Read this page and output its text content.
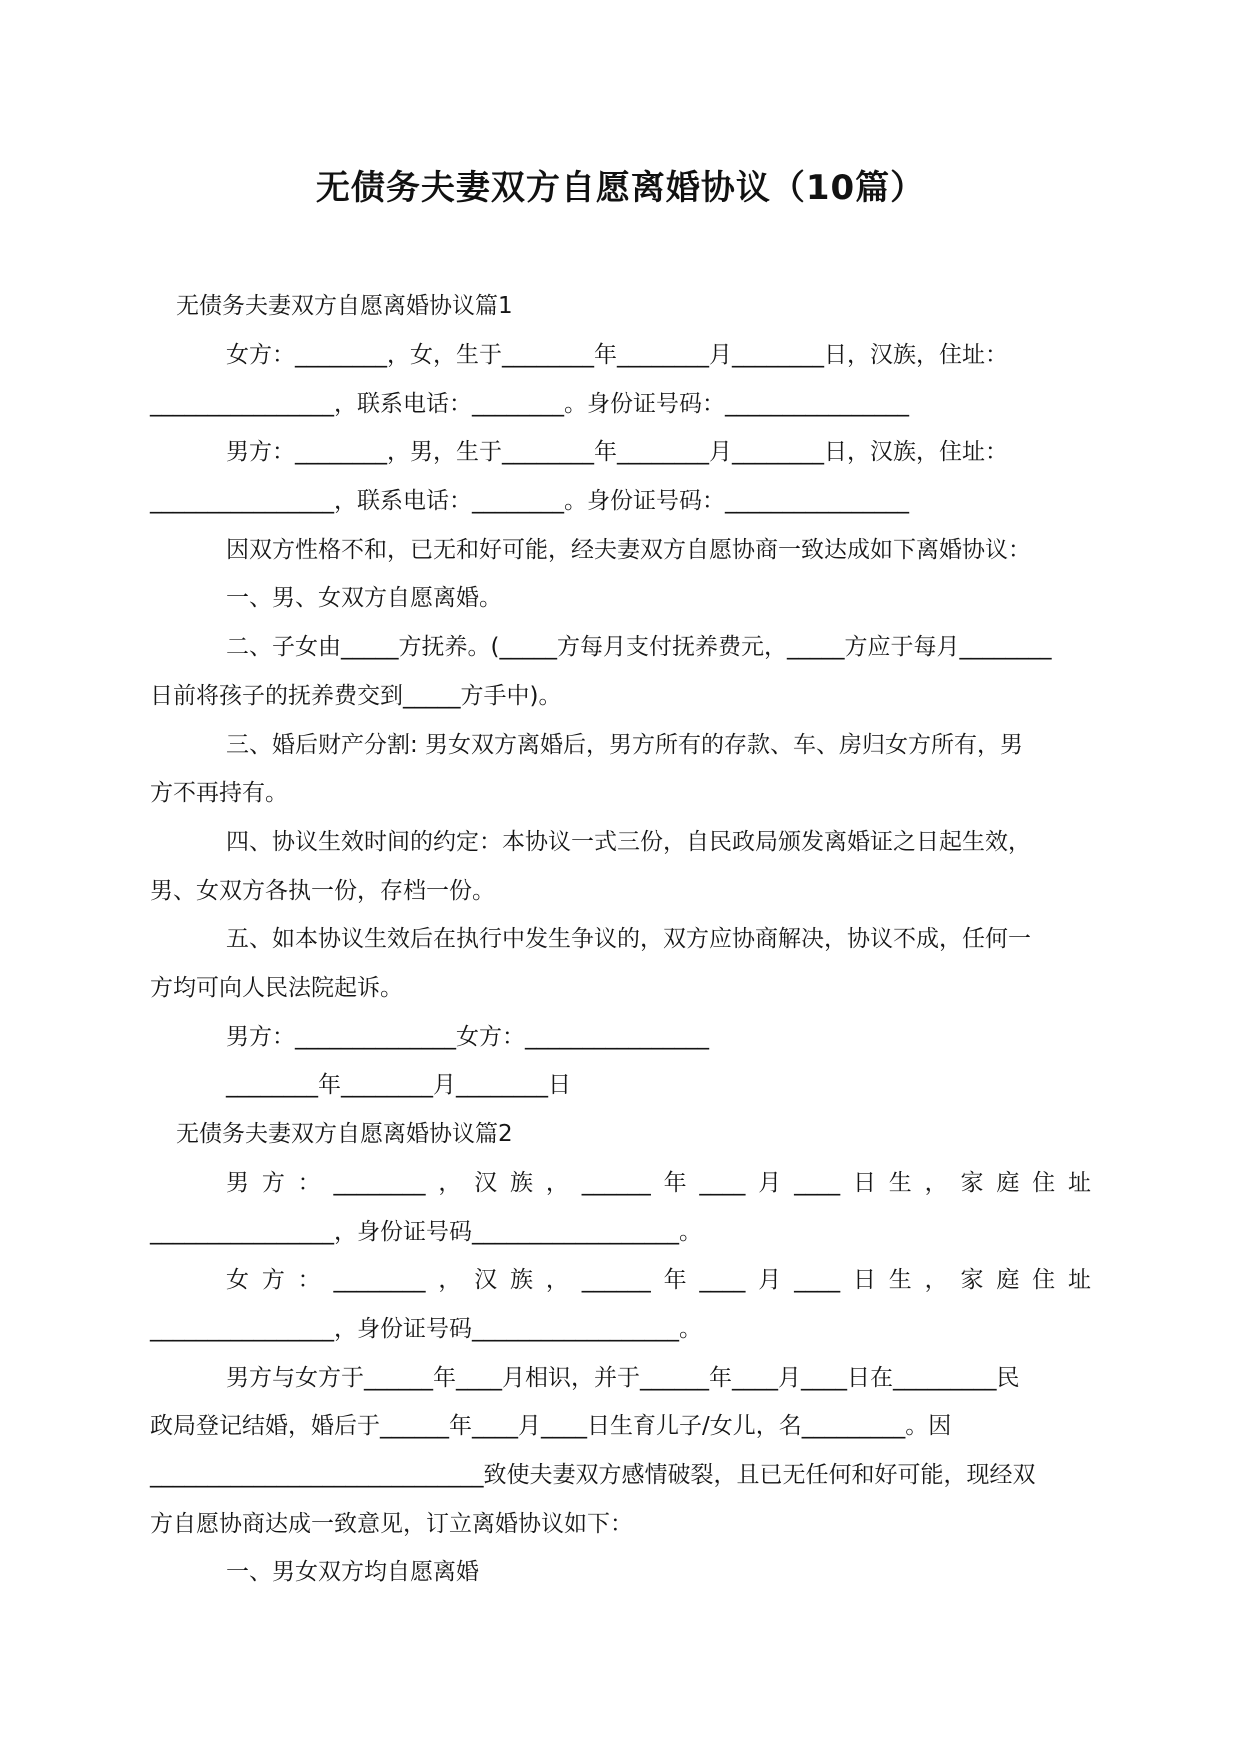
无债务夫妻双方自愿离婚协议（10篇）
无债务夫妻双方自愿离婚协议篇1
女方：________，女，生于________年________月________日，汉族，住址：
________________，联系电话：________。身份证号码：________________
男方：________，男，生于________年________月________日，汉族，住址：
________________，联系电话：________。身份证号码：________________
因双方性格不和，已无和好可能，经夫妻双方自愿协商一致达成如下离婚协议：
一、男、女双方自愿离婚。
二、子女由_____方抚养。(_____方每月支付抚养费元，_____方应于每月________
日前将孩子的抚养费交到_____方手中)。
三、婚后财产分割: 男女双方离婚后，男方所有的存款、车、房归女方所有，男
方不再持有。
四、协议生效时间的约定：本协议一式三份，自民政局颁发离婚证之日起生效，
男、女双方各执一份，存档一份。
五、如本协议生效后在执行中发生争议的，双方应协商解决，协议不成，任何一
方均可向人民法院起诉。
男方：______________女方：________________
________年________月________日
无债务夫妻双方自愿离婚协议篇2
男方：________，汉族，______年____月____日生，家庭住址
________________，身份证号码__________________。
女方：________，汉族，______年____月____日生，家庭住址
________________，身份证号码__________________。
男方与女方于______年____月相识，并于______年____月____日在_________民
政局登记结婚，婚后于______年____月____日生育儿子/女儿，名_________。因
_____________________________致使夫妻双方感情破裂，且已无任何和好可能，现经双
方自愿协商达成一致意见，订立离婚协议如下：
一、男女双方均自愿离婚
